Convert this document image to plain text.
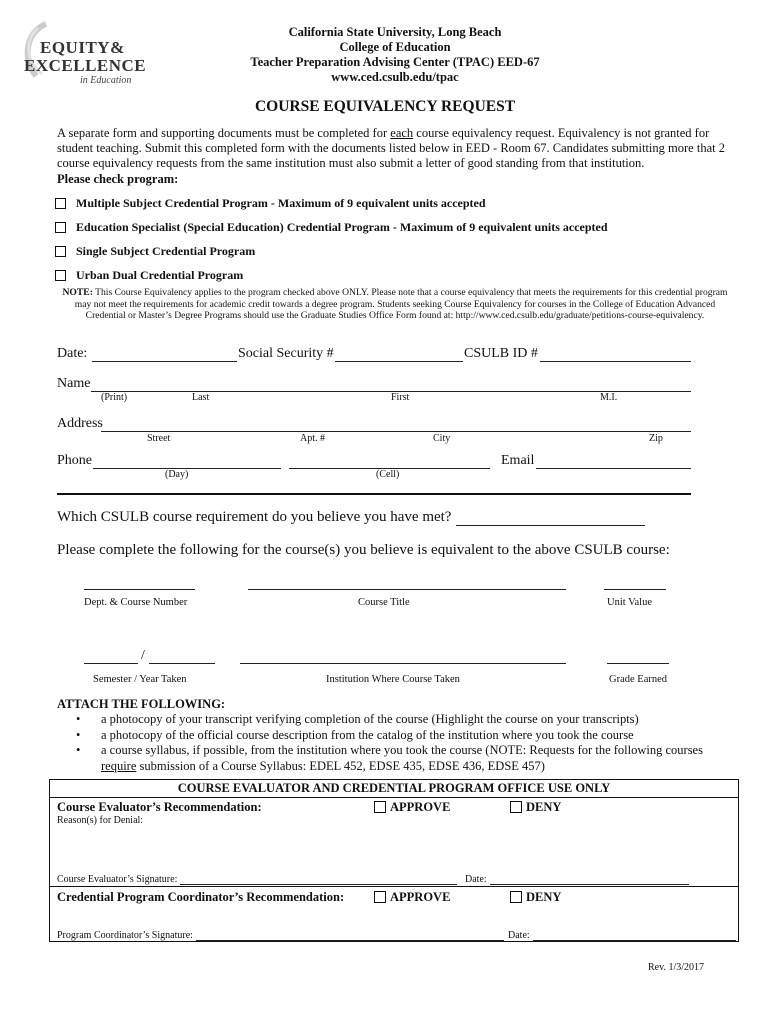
EQUITY&
EXCELLENCE
in Education
California State University, Long Beach
College of Education
Teacher Preparation Advising Center (TPAC) EED-67
www.ced.csulb.edu/tpac
COURSE EQUIVALENCY REQUEST
A separate form and supporting documents must be completed for each course equivalency request. Equivalency is not granted for student teaching. Submit this completed form with the documents listed below in EED - Room 67. Candidates submitting more that 2 course equivalency requests from the same institution must also submit a letter of good standing from that institution.
Please check program:
Multiple Subject Credential Program - Maximum of 9 equivalent units accepted
Education Specialist (Special Education) Credential Program - Maximum of 9 equivalent units accepted
Single Subject Credential Program
Urban Dual Credential Program
NOTE: This Course Equivalency applies to the program checked above ONLY. Please note that a course equivalency that meets the requirements for this credential program may not meet the requirements for academic credit towards a degree program. Students seeking Course Equivalency for courses in the College of Education Advanced Credential or Master’s Degree Programs should use the Graduate Studies Office Form found at: http://www.ced.csulb.edu/graduate/petitions-course-equivalency.
Date:	Social Security #	CSULB ID #
Name
(Print)	Last	First	M.I.
Address
Street	Apt. #	City	Zip
Phone	Email
(Day)	(Cell)
Which CSULB course requirement do you believe you have met?
Please complete the following for the course(s) you believe is equivalent to the above CSULB course:
Dept. & Course Number	Course Title	Unit Value
/
Semester / Year Taken	Institution Where Course Taken	Grade Earned
ATTACH THE FOLLOWING:
• a photocopy of your transcript verifying completion of the course (Highlight the course on your transcripts)
• a photocopy of the official course description from the catalog of the institution where you took the course
• a course syllabus, if possible, from the institution where you took the course (NOTE: Requests for the following courses require submission of a Course Syllabus: EDEL 452, EDSE 435, EDSE 436, EDSE 457)
COURSE EVALUATOR AND CREDENTIAL PROGRAM OFFICE USE ONLY
Course Evaluator’s Recommendation:	APPROVE	DENY
Reason(s) for Denial:
Course Evaluator’s Signature:	Date:
Credential Program Coordinator’s Recommendation:	APPROVE	DENY
Program Coordinator’s Signature:	Date:
Rev. 1/3/2017
